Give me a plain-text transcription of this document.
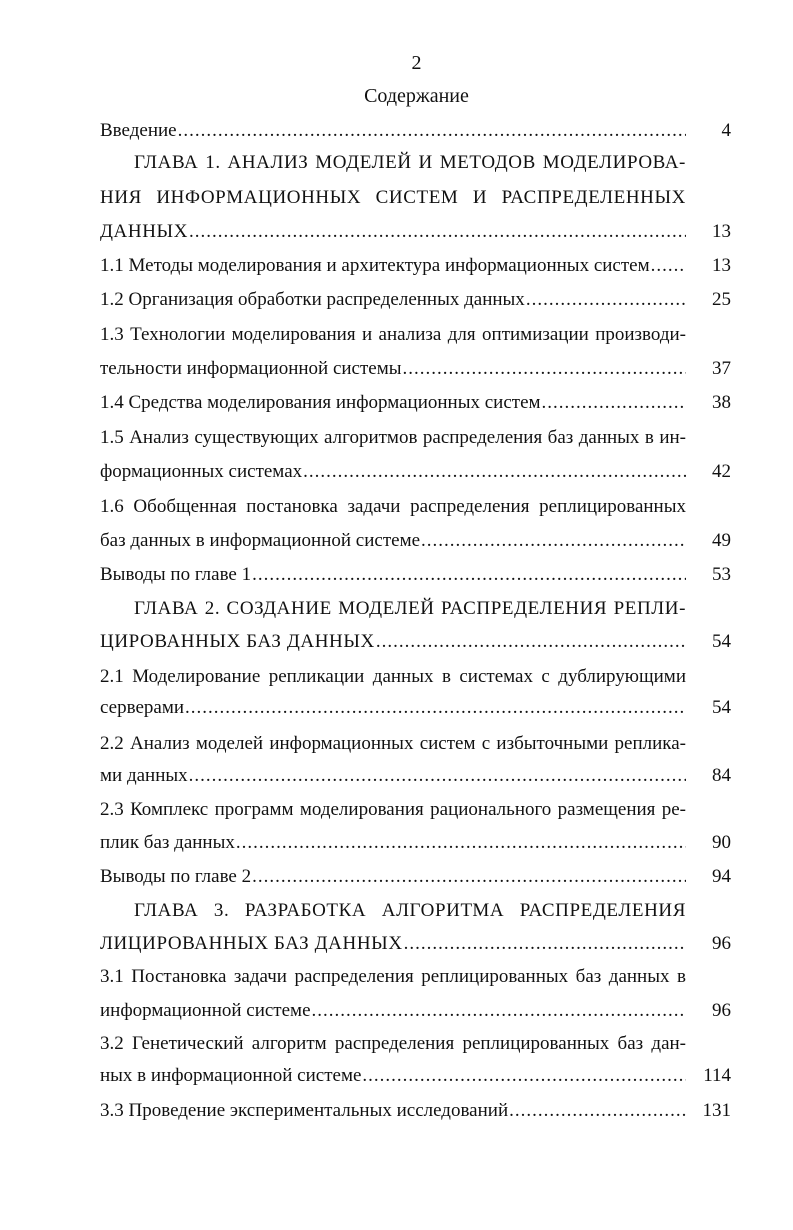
2
Содержание
Введение .....	4
ГЛАВА 1. АНАЛИЗ МОДЕЛЕЙ И МЕТОДОВ МОДЕЛИРОВА-
НИЯ ИНФОРМАЦИОННЫХ СИСТЕМ И РАСПРЕДЕЛЕННЫХ
ДАННЫХ .....	13
1.1 Методы моделирования и архитектура информационных систем .....	13
1.2 Организация обработки распределенных данных .....	25
1.3 Технологии моделирования и анализа для оптимизации производи-
тельности информационной системы .....	37
1.4 Средства моделирования информационных систем .....	38
1.5 Анализ существующих алгоритмов распределения баз данных в ин-
формационных системах .....	42
1.6 Обобщенная постановка задачи распределения реплицированных
баз данных в информационной системе .....	49
Выводы по главе 1 .....	53
ГЛАВА 2. СОЗДАНИЕ МОДЕЛЕЙ РАСПРЕДЕЛЕНИЯ РЕПЛИ-
ЦИРОВАННЫХ БАЗ ДАННЫХ .....	54
2.1 Моделирование репликации данных в системах с дублирующими
серверами .....	54
2.2 Анализ моделей информационных систем с избыточными реплика-
ми данных .....	84
2.3 Комплекс программ моделирования рационального размещения ре-
плик баз данных .....	90
Выводы по главе 2 .....	94
ГЛАВА 3. РАЗРАБОТКА АЛГОРИТМА РАСПРЕДЕЛЕНИЯ
ЛИЦИРОВАННЫХ БАЗ ДАННЫХ .....	96
3.1 Постановка задачи распределения реплицированных баз данных в
информационной системе .....	96
3.2 Генетический алгоритм распределения реплицированных баз дан-
ных в информационной системе .....	114
3.3 Проведение экспериментальных исследований .....	131
